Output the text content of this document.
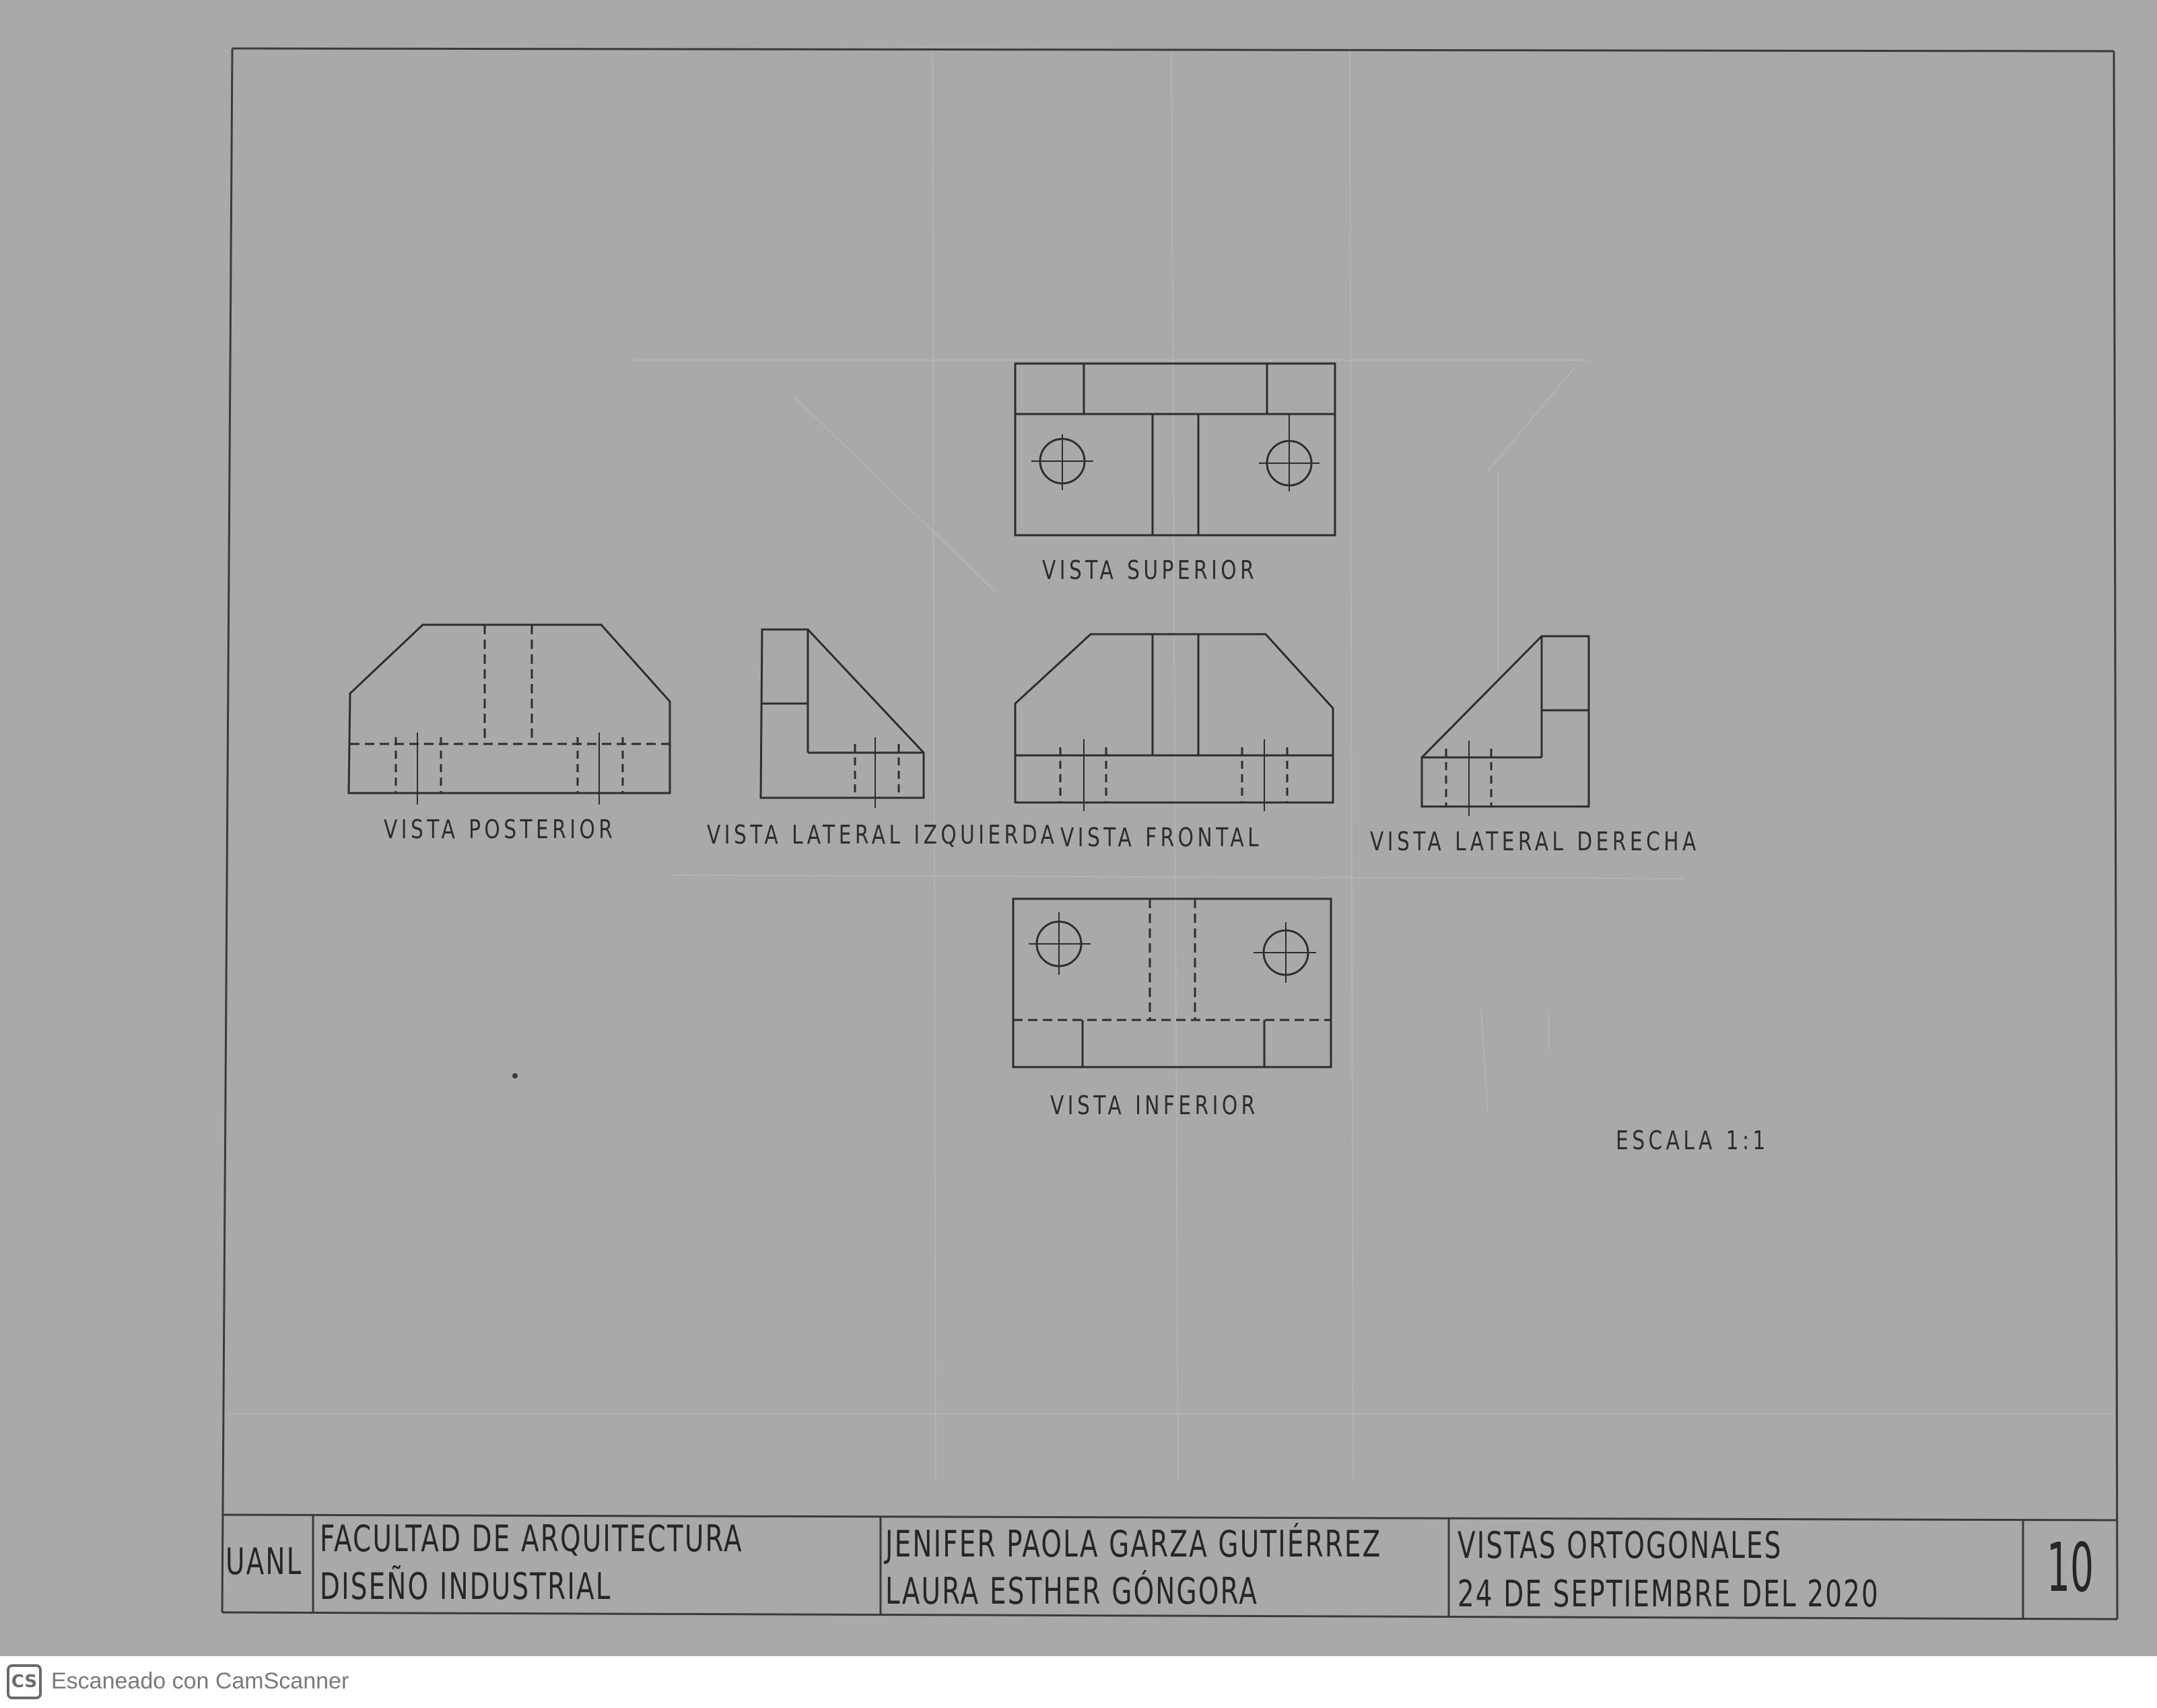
VISTA SUPERIOR
VISTA POSTERIOR	VISTA LATERAL IZQUIERDA VISTA FRONTAL	VISTA LATERAL DERECHA
VISTA INFERIOR
ESCALA 1:1
UANL
FACULTAD DE ARQUITECTURA
DISEÑO INDUSTRIAL
JENIFER PAOLA GARZA GUTIÉRREZ
LAURA ESTHER GÓNGORA
VISTAS ORTOGONALES
24 DE SEPTIEMBRE DEL 2020 10
CS Escaneado con CamScanner
